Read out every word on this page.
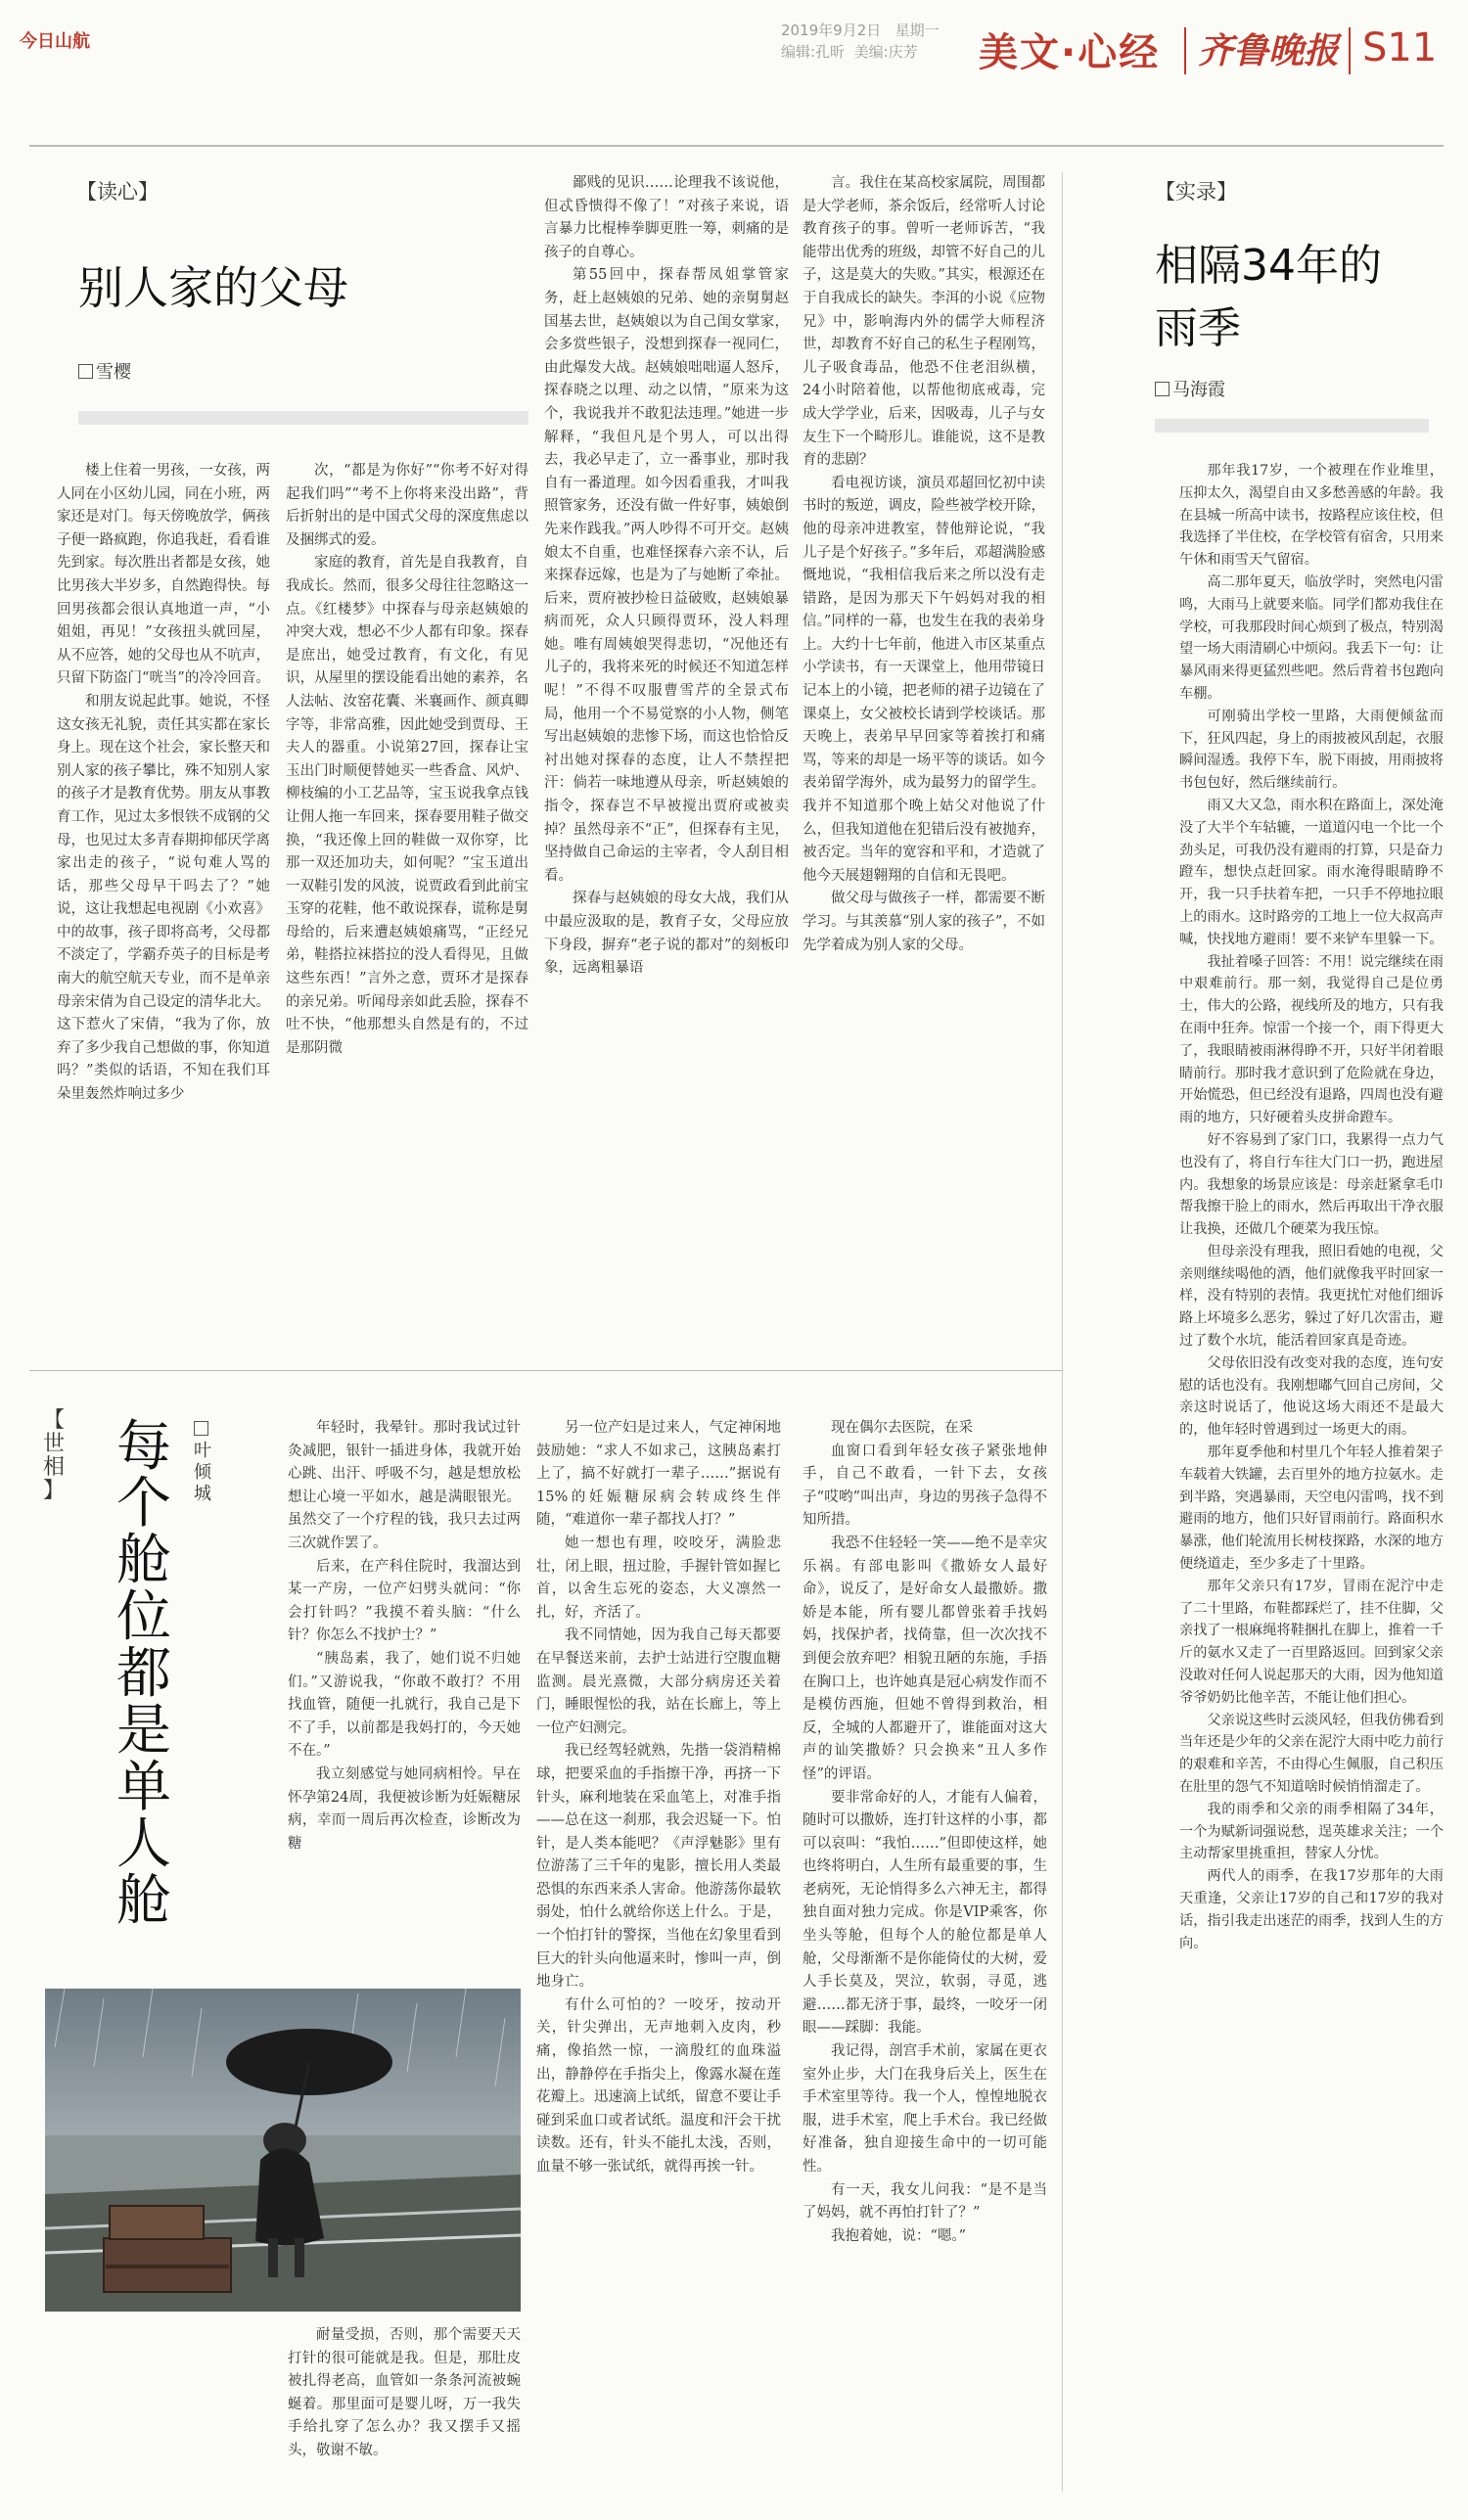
今日山航
2019年9月2日 星期一
编辑:孔昕 美编:庆芳	美文·心经 齐鲁晚报 S11
【读心】
别人家的父母
雪樱

楼上住着一男孩，一女孩，两人同在小区幼儿园，同在小班，两家还是对门。每天傍晚放学，俩孩子便一路疯跑，你追我赶，看看谁先到家。每次胜出者都是女孩，她比男孩大半岁多，自然跑得快。每回男孩都会很认真地道一声，“小姐姐，再见！”女孩扭头就回屋，从不应答，她的父母也从不吭声，只留下防盗门“咣当”的冷冷回音。

和朋友说起此事。她说，不怪这女孩无礼貌，责任其实都在家长身上。现在这个社会，家长整天和别人家的孩子攀比，殊不知别人家的孩子才是教育优势。朋友从事教育工作，见过太多恨铁不成钢的父母，也见过太多青春期抑郁厌学离家出走的孩子，“说句难人骂的话，那些父母早干吗去了？”她说，这让我想起电视剧《小欢喜》中的故事，孩子即将高考，父母都不淡定了，学霸乔英子的目标是考南大的航空航天专业，而不是单亲母亲宋倩为自己设定的清华北大。这下惹火了宋倩，“我为了你，放弃了多少我自己想做的事，你知道吗？”类似的话语，不知在我们耳朵里轰然炸响过多少

次，“都是为你好”“你考不好对得起我们吗”“考不上你将来没出路”，背后折射出的是中国式父母的深度焦虑以及捆绑式的爱。

家庭的教育，首先是自我教育，自我成长。然而，很多父母往往忽略这一点。《红楼梦》中探春与母亲赵姨娘的冲突大戏，想必不少人都有印象。探春是庶出，她受过教育，有文化，有见识，从屋里的摆设能看出她的素养，名人法帖、汝窑花囊、米襄画作、颜真卿字等，非常高雅，因此她受到贾母、王夫人的器重。小说第27回，探春让宝玉出门时顺便替她买一些香盒、风炉、柳枝编的小工艺品等，宝玉说我拿点钱让佣人拖一车回来，探春要用鞋子做交换，“我还像上回的鞋做一双你穿，比那一双还加功夫，如何呢？”宝玉道出一双鞋引发的风波，说贾政看到此前宝玉穿的花鞋，他不敢说探春，谎称是舅母给的，后来遭赵姨娘痛骂，“正经兄弟，鞋搭拉袜搭拉的没人看得见，且做这些东西！”言外之意，贾环才是探春的亲兄弟。听闻母亲如此丢脸，探春不吐不快，“他那想头自然是有的，不过是那阴微

鄙贱的见识……论理我不该说他，但忒昏愦得不像了！”对孩子来说，语言暴力比棍棒拳脚更胜一筹，刺痛的是孩子的自尊心。

第55回中，探春帮凤姐掌管家务，赶上赵姨娘的兄弟、她的亲舅舅赵国基去世，赵姨娘以为自己闺女掌家，会多赏些银子，没想到探春一视同仁，由此爆发大战。赵姨娘咄咄逼人怒斥，探春晓之以理、动之以情，“原来为这个，我说我并不敢犯法违理。”她进一步解释，“我但凡是个男人，可以出得去，我必早走了，立一番事业，那时我自有一番道理。如今因看重我，才叫我照管家务，还没有做一件好事，姨娘倒先来作践我。”两人吵得不可开交。赵姨娘太不自重，也难怪探春六亲不认，后来探春远嫁，也是为了与她断了牵扯。后来，贾府被抄检日益破败，赵姨娘暴病而死，众人只顾得贾环，没人料理她。唯有周姨娘哭得悲切，“况他还有儿子的，我将来死的时候还不知道怎样呢！”不得不叹服曹雪芹的全景式布局，他用一个不易觉察的小人物，侧笔写出赵姨娘的悲惨下场，而这也恰恰反衬出她对探春的态度，让人不禁捏把汗：倘若一味地遵从母亲，听赵姨娘的指令，探春岂不早被搅出贾府或被卖掉？虽然母亲不“正”，但探春有主见，坚持做自己命运的主宰者，令人刮目相看。

探春与赵姨娘的母女大战，我们从中最应汲取的是，教育子女，父母应放下身段，摒弃“老子说的都对”的刻板印象，远离粗暴语

言。我住在某高校家属院，周围都是大学老师，茶余饭后，经常听人讨论教育孩子的事。曾听一老师诉苦，“我能带出优秀的班级，却管不好自己的儿子，这是莫大的失败。”其实，根源还在于自我成长的缺失。李洱的小说《应物兄》中，影响海内外的儒学大师程济世，却教育不好自己的私生子程刚笃，儿子吸食毒品，他恐不住老泪纵横，24小时陪着他，以帮他彻底戒毒，完成大学学业，后来，因吸毒，儿子与女友生下一个畸形儿。谁能说，这不是教育的悲剧？

看电视访谈，演员邓超回忆初中读书时的叛逆，调皮，险些被学校开除，他的母亲冲进教室，替他辩论说，“我儿子是个好孩子。”多年后，邓超满脸感慨地说，“我相信我后来之所以没有走错路，是因为那天下午妈妈对我的相信。”同样的一幕，也发生在我的表弟身上。大约十七年前，他进入市区某重点小学读书，有一天课堂上，他用带镜日记本上的小镜，把老师的裙子边镜在了课桌上，女父被校长请到学校谈话。那天晚上，表弟早早回家等着挨打和痛骂，等来的却是一场平等的谈话。如今表弟留学海外，成为最努力的留学生。我并不知道那个晚上姑父对他说了什么，但我知道他在犯错后没有被抛弃，被否定。当年的宽容和平和，才造就了他今天展翅翱翔的自信和无畏吧。

做父母与做孩子一样，都需要不断学习。与其羡慕“别人家的孩子”，不如先学着成为别人家的父母。

【实录】
相隔34年的雨季
马海霞

那年我17岁，一个被理在作业堆里，压抑太久，渴望自由又多愁善感的年龄。我在县城一所高中读书，按路程应该住校，但我选择了半住校，在学校管有宿舍，只用来午休和雨雪天气留宿。

高二那年夏天，临放学时，突然电闪雷鸣，大雨马上就要来临。同学们都劝我住在学校，可我那段时间心烦到了极点，特别渴望一场大雨清刷心中烦闷。我丢下一句：让暴风雨来得更猛烈些吧。然后背着书包跑向车棚。

可刚骑出学校一里路，大雨便倾盆而下，狂风四起，身上的雨披被风刮起，衣服瞬间湿透。我停下车，脱下雨披，用雨披将书包包好，然后继续前行。

雨又大又急，雨水积在路面上，深处淹没了大半个车轱辘，一道道闪电一个比一个劲头足，可我仍没有避雨的打算，只是奋力蹬车，想快点赶回家。雨水淹得眼睛睁不开，我一只手扶着车把，一只手不停地拉眼上的雨水。这时路旁的工地上一位大叔高声喊，快找地方避雨！要不来铲车里躲一下。

我扯着嗓子回答：不用！说完继续在雨中艰难前行。那一刻，我觉得自己是位勇士，伟大的公路，视线所及的地方，只有我在雨中狂奔。惊雷一个接一个，雨下得更大了，我眼睛被雨淋得睁不开，只好半闭着眼睛前行。那时我才意识到了危险就在身边，开始慌恐，但已经没有退路，四周也没有避雨的地方，只好硬着头皮拼命蹬车。

好不容易到了家门口，我累得一点力气也没有了，将自行车往大门口一扔，跑进屋内。我想象的场景应该是：母亲赶紧拿毛巾帮我擦干脸上的雨水，然后再取出干净衣服让我换，还做几个硬菜为我压惊。

但母亲没有理我，照旧看她的电视，父亲则继续喝他的酒，他们就像我平时回家一样，没有特别的表情。我更扰忙对他们细诉路上坏境多么恶劣，躲过了好几次雷击，避过了数个水坑，能活着回家真是奇迹。

父母依旧没有改变对我的态度，连句安慰的话也没有。我刚想嘟气回自己房间，父亲这时说话了，他说这场大雨还不是最大的，他年轻时曾遇到过一场更大的雨。

那年夏季他和村里几个年轻人推着架子车载着大铁罐，去百里外的地方拉氨水。走到半路，突遇暴雨，天空电闪雷鸣，找不到避雨的地方，他们只好冒雨前行。路面积水暴涨，他们轮流用长树枝探路，水深的地方便绕道走，至少多走了十里路。

那年父亲只有17岁，冒雨在泥泞中走了二十里路，布鞋都踩烂了，挂不住脚，父亲找了一根麻绳将鞋捆扎在脚上，推着一千斤的氨水又走了一百里路返回。回到家父亲没敢对任何人说起那天的大雨，因为他知道爷爷奶奶比他辛苦，不能让他们担心。

父亲说这些时云淡风轻，但我仿佛看到当年还是少年的父亲在泥泞大雨中吃力前行的艰难和辛苦，不由得心生佩服，自己积压在肚里的怨气不知道啥时候悄悄溜走了。

我的雨季和父亲的雨季相隔了34年，一个为赋新词强说愁，逞英雄求关注；一个主动帮家里挑重担，替家人分忧。

两代人的雨季，在我17岁那年的大雨天重逢，父亲让17岁的自己和17岁的我对话，指引我走出迷茫的雨季，找到人生的方向。

【
世
相
】
每
个
舱
位
都
是
单
人
舱
叶
倾
城

年轻时，我晕针。那时我试过针灸减肥，银针一插进身体，我就开始心跳、出汗、呼吸不匀，越是想放松想让心境一平如水，越是满眼银光。虽然交了一个疗程的钱，我只去过两三次就作罢了。

后来，在产科住院时，我溜达到某一产房，一位产妇劈头就问：“你会打针吗？”我摸不着头脑：“什么针？你怎么不找护士？”

“胰岛素，我了，她们说不归她们。”又游说我，“你敢不敢打？不用找血管，随便一扎就行，我自己是下不了手，以前都是我妈打的，今天她不在。”

我立刻感觉与她同病相怜。早在怀孕第24周，我便被诊断为妊娠糖尿病，幸而一周后再次检查，诊断改为糖

另一位产妇是过来人，气定神闲地鼓励她：“求人不如求己，这胰岛素打上了，搞不好就打一辈子……”据说有15%的妊娠糖尿病会转成终生伴随，“难道你一辈子都找人打？”

她一想也有理，咬咬牙，满脸悲壮，闭上眼，扭过脸，手握针管如握匕首，以舍生忘死的姿态，大义凛然一扎，好，齐活了。

我不同情她，因为我自己每天都要在早餐送来前，去护士站进行空腹血糖监测。晨光熹微，大部分病房还关着门，睡眼惺忪的我，站在长廊上，等上一位产妇测完。

我已经驾轻就熟，先揩一袋消精棉球，把要采血的手指擦干净，再挤一下针头，麻利地装在采血笔上，对准手指——总在这一刹那，我会迟疑一下。怕针，是人类本能吧？《声浮魅影》里有位游荡了三千年的鬼影，擅长用人类最恐惧的东西来杀人害命。他游荡你最软弱处，怕什么就给你送上什么。于是，一个怕打针的警探，当他在幻象里看到巨大的针头向他逼来时，惨叫一声，倒地身亡。

有什么可怕的？一咬牙，按动开关，针尖弹出，无声地刺入皮肉，秒痛，像掐然一惊，一滴殷红的血珠溢出，静静停在手指尖上，像露水凝在莲花瓣上。迅速滴上试纸，留意不要让手碰到采血口或者试纸。温度和汗会干扰读数。还有，针头不能扎太浅，否则，血量不够一张试纸，就得再挨一针。

现在偶尔去医院，在采

血窗口看到年轻女孩子紧张地伸手，自己不敢看，一针下去，女孩子“哎哟”叫出声，身边的男孩子急得不知所措。

我恐不住轻轻一笑——绝不是幸灾乐祸。有部电影叫《撒娇女人最好命》，说反了，是好命女人最撒娇。撒娇是本能，所有婴儿都曾张着手找妈妈，找保护者，找倚靠，但一次次找不到便会放弃吧？相貌丑陋的东施，手捂在胸口上，也许她真是冠心病发作而不是模仿西施，但她不曾得到救治，相反，全城的人都避开了，谁能面对这大声的讪笑撒娇？只会换来“丑人多作怪”的评语。

要非常命好的人，才能有人偏着，随时可以撒娇，连打针这样的小事，都可以哀叫：“我怕……”但即使这样，她也终将明白，人生所有最重要的事，生老病死，无论悄得多么六神无主，都得独自面对独力完成。你是VIP乘客，你坐头等舱，但每个人的舱位都是单人舱，父母渐渐不是你能倚仗的大树，爱人手长莫及，哭泣，软弱，寻觅，逃避……都无济于事，最终，一咬牙一闭眼——踩脚：我能。

我记得，剖宫手术前，家属在更衣室外止步，大门在我身后关上，医生在手术室里等待。我一个人，惶惶地脱衣服，进手术室，爬上手术台。我已经做好准备，独自迎接生命中的一切可能性。

有一天，我女儿问我：“是不是当了妈妈，就不再怕打针了？”

我抱着她，说：“嗯。”

耐量受损，否则，那个需要天天打针的很可能就是我。但是，那肚皮被扎得老高，血管如一条条河流被蜿蜒着。那里面可是婴儿呀，万一我失手给扎穿了怎么办？我又摆手又摇头，敬谢不敏。
